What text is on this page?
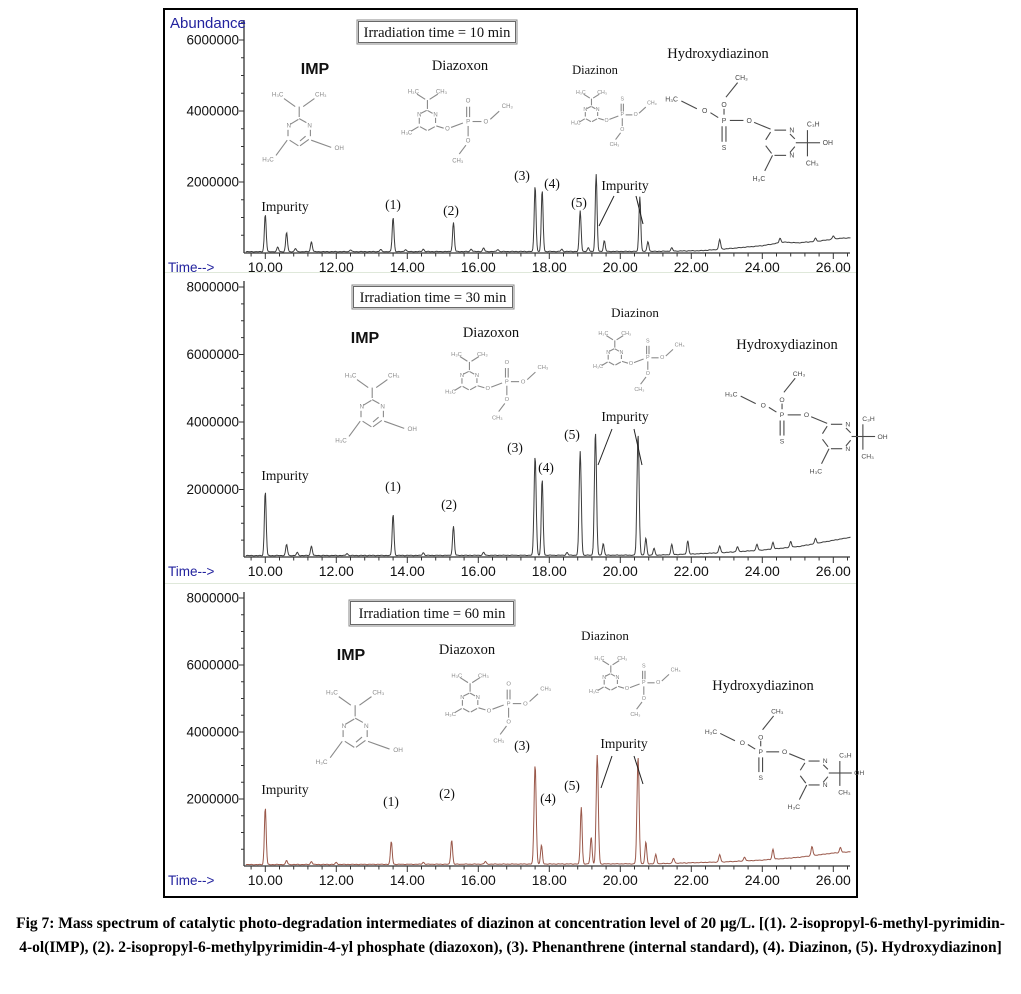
H₃C	CH₃
N N
H₃C
OH
H₃C CH₃
N N
H₃C
O
O
P O
CH₃
O
CH₃
H₃C CH₃
N N
H₃C	O
S
P O
CH₃
O
CH₃
CH₃
O
H₃C
O
P
S
O
N
N
C₃H
OH
CH₃
H₃C
10.00	12.00	14.00	16.00	18.00	20.00	22.00	24.00	26.00
6000000
4000000
2000000
Abundance
Time-->
Impurity	(1)	(2)
(3)
(4)
(5)
Impurity
IMP	Diazoxon	Diazinon
Hydroxydiazinon
Irradiation time = 10 min
H₃C	CH₃
N N
H₃C
OH
H₃C CH₃
N N
H₃C
O
O
P O
CH₃
O
CH₃
H₃C CH₃
N N
H₃C	O
S
P O
CH₃
O
CH₃
CH₃
O
H₃C
O
P
S
O
N
N
C₃H
OH
CH₃
H₃C
10.00	12.00	14.00	16.00	18.00	20.00	22.00	24.00	26.00
8000000
6000000
4000000
2000000
Time-->
Impurity
(1)
(2)
(3)
(4)
(5)
Impurity
IMP	Diazoxon
Diazinon
Hydroxydiazinon
Irradiation time = 30 min
H₃C	CH₃
N N
H₃C
OH
H₃C CH₃
N N
H₃C
O
O
P O
CH₃
O
CH₃
H₃C CH₃
N N
H₃C	O
S
P O
CH₃
O
CH₃	CH₃
O
H₃C
O
P
S
O
N
N
C₃H
OH
CH₃
H₃C
10.00	12.00	14.00	16.00	18.00	20.00	22.00	24.00	26.00
8000000
6000000
4000000
2000000
Time-->
Impurity
(1)
(2)
(3)
(4)
(5)
Impurity
IMP	Diazoxon
Diazinon
Hydroxydiazinon
Irradiation time = 60 min

Fig 7: Mass spectrum of catalytic photo-degradation intermediates of diazinon at concentration level of 20 μg/L. [(1). 2-isopropyl-6-methyl-pyrimidin-4-ol(IMP), (2). 2-isopropyl-6-methylpyrimidin-4-yl phosphate (diazoxon), (3). Phenanthrene (internal standard), (4). Diazinon, (5). Hydroxydiazinon]
